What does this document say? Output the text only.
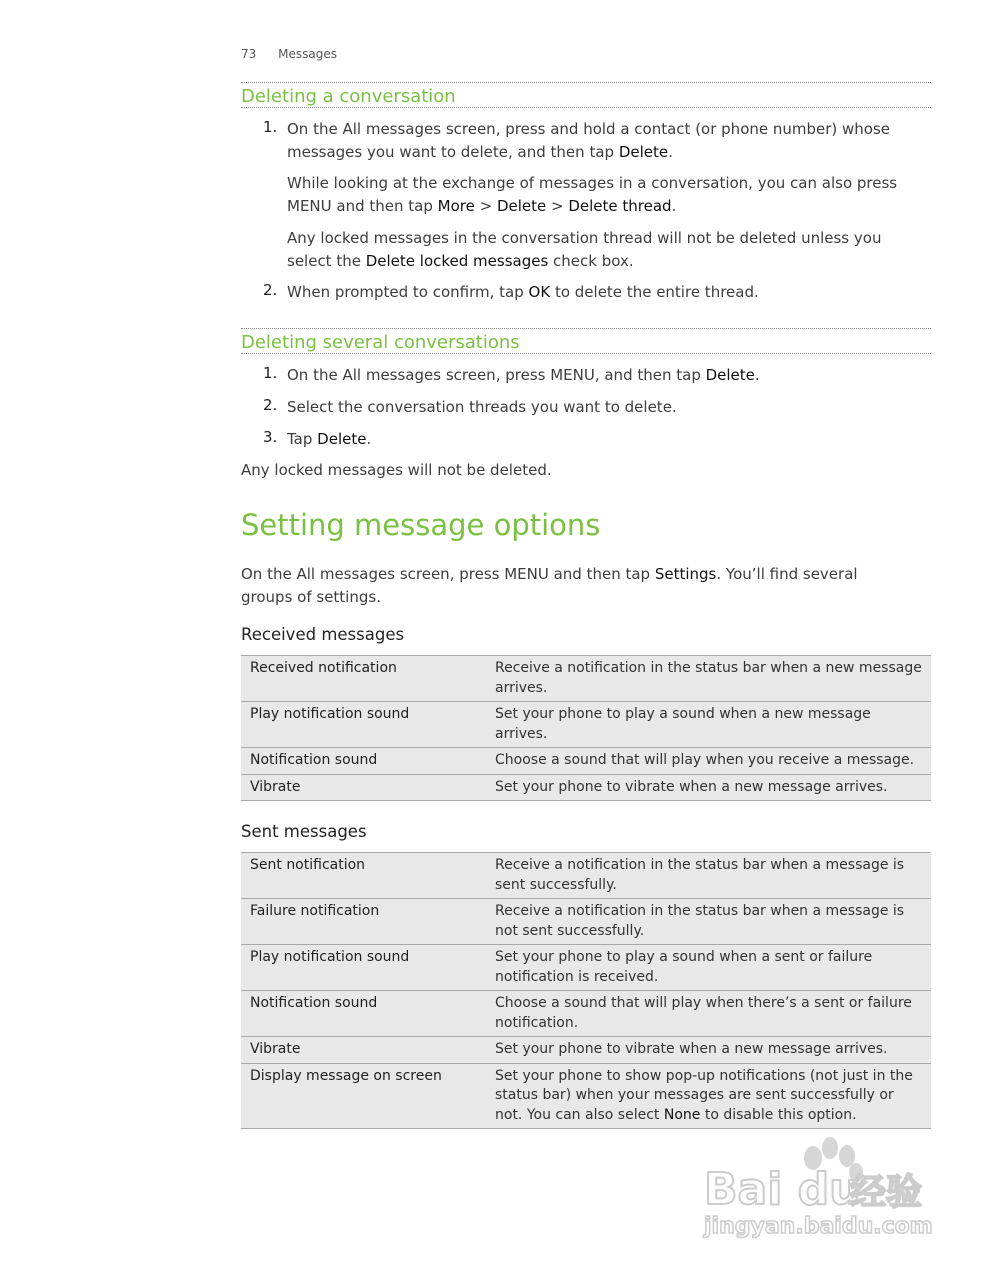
73 Messages
Deleting a conversation
1. On the All messages screen, press and hold a contact (or phone number) whose
messages you want to delete, and then tap Delete.
While looking at the exchange of messages in a conversation, you can also press
MENU and then tap More > Delete > Delete thread.
Any locked messages in the conversation thread will not be deleted unless you
select the Delete locked messages check box.
2. When prompted to confirm, tap OK to delete the entire thread.
Deleting several conversations
1. On the All messages screen, press MENU, and then tap Delete.
2. Select the conversation threads you want to delete.
3. Tap Delete.
Any locked messages will not be deleted.
Setting message options
On the All messages screen, press MENU and then tap Settings. You’ll find several
groups of settings.
Received messages
Received notification	Receive a notification in the status bar when a new message arrives.
Play notification sound	Set your phone to play a sound when a new message arrives.
Notification sound	Choose a sound that will play when you receive a message.
Vibrate	Set your phone to vibrate when a new message arrives.
Sent messages
Sent notification	Receive a notification in the status bar when a message is sent successfully.
Failure notification	Receive a notification in the status bar when a message is not sent successfully.
Play notification sound	Set your phone to play a sound when a sent or failure notification is received.
Notification sound	Choose a sound that will play when there’s a sent or failure notification.
Vibrate	Set your phone to vibrate when a new message arrives.
Display message on screen	Set your phone to show pop-up notifications (not just in the status bar) when your messages are sent successfully or not. You can also select None to disable this option.
Bai du
经验
jingyan.baidu.com
